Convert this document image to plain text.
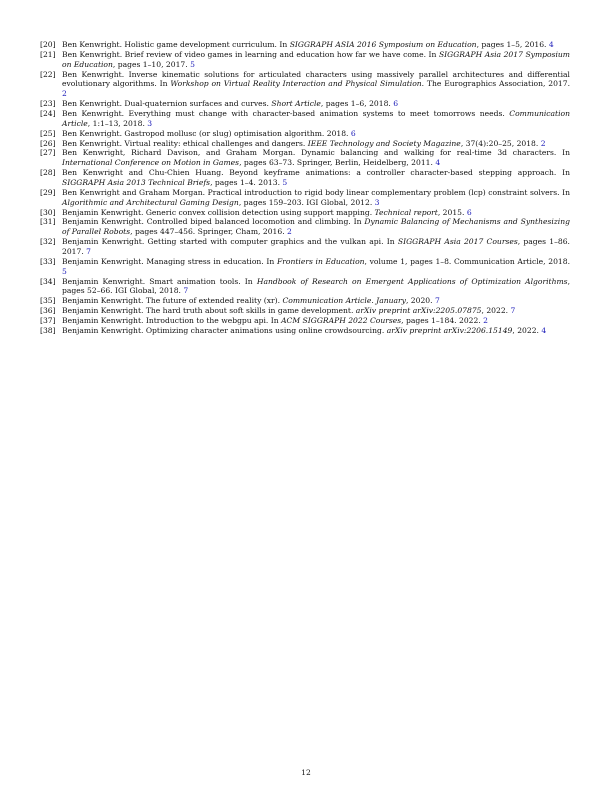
[20] Ben Kenwright. Holistic game development curriculum. In SIGGRAPH ASIA 2016 Symposium on Education, pages 1–5, 2016. 4
[21] Ben Kenwright. Brief review of video games in learning and education how far we have come. In SIGGRAPH Asia 2017 Symposium on Education, pages 1–10, 2017. 5
[22] Ben Kenwright. Inverse kinematic solutions for articulated characters using massively parallel architectures and differential evolutionary algorithms. In Workshop on Virtual Reality Interaction and Physical Simulation. The Eurographics Association, 2017. 2
[23] Ben Kenwright. Dual-quaternion surfaces and curves. Short Article, pages 1–6, 2018. 6
[24] Ben Kenwright. Everything must change with character-based animation systems to meet tomorrows needs. Communication Article, 1:1–13, 2018. 3
[25] Ben Kenwright. Gastropod mollusc (or slug) optimisation algorithm. 2018. 6
[26] Ben Kenwright. Virtual reality: ethical challenges and dangers. IEEE Technology and Society Magazine, 37(4):20–25, 2018. 2
[27] Ben Kenwright, Richard Davison, and Graham Morgan. Dynamic balancing and walking for real-time 3d characters. In International Conference on Motion in Games, pages 63–73. Springer, Berlin, Heidelberg, 2011. 4
[28] Ben Kenwright and Chu-Chien Huang. Beyond keyframe animations: a controller character-based stepping approach. In SIGGRAPH Asia 2013 Technical Briefs, pages 1–4. 2013. 5
[29] Ben Kenwright and Graham Morgan. Practical introduction to rigid body linear complementary problem (lcp) constraint solvers. In Algorithmic and Architectural Gaming Design, pages 159–203. IGI Global, 2012. 3
[30] Benjamin Kenwright. Generic convex collision detection using support mapping. Technical report, 2015. 6
[31] Benjamin Kenwright. Controlled biped balanced locomotion and climbing. In Dynamic Balancing of Mechanisms and Synthesizing of Parallel Robots, pages 447–456. Springer, Cham, 2016. 2
[32] Benjamin Kenwright. Getting started with computer graphics and the vulkan api. In SIGGRAPH Asia 2017 Courses, pages 1–86. 2017. 7
[33] Benjamin Kenwright. Managing stress in education. In Frontiers in Education, volume 1, pages 1–8. Communication Article, 2018. 5
[34] Benjamin Kenwright. Smart animation tools. In Handbook of Research on Emergent Applications of Optimization Algorithms, pages 52–66. IGI Global, 2018. 7
[35] Benjamin Kenwright. The future of extended reality (xr). Communication Article. January, 2020. 7
[36] Benjamin Kenwright. The hard truth about soft skills in game development. arXiv preprint arXiv:2205.07875, 2022. 7
[37] Benjamin Kenwright. Introduction to the webgpu api. In ACM SIGGRAPH 2022 Courses, pages 1–184. 2022. 2
[38] Benjamin Kenwright. Optimizing character animations using online crowdsourcing. arXiv preprint arXiv:2206.15149, 2022. 4
12
